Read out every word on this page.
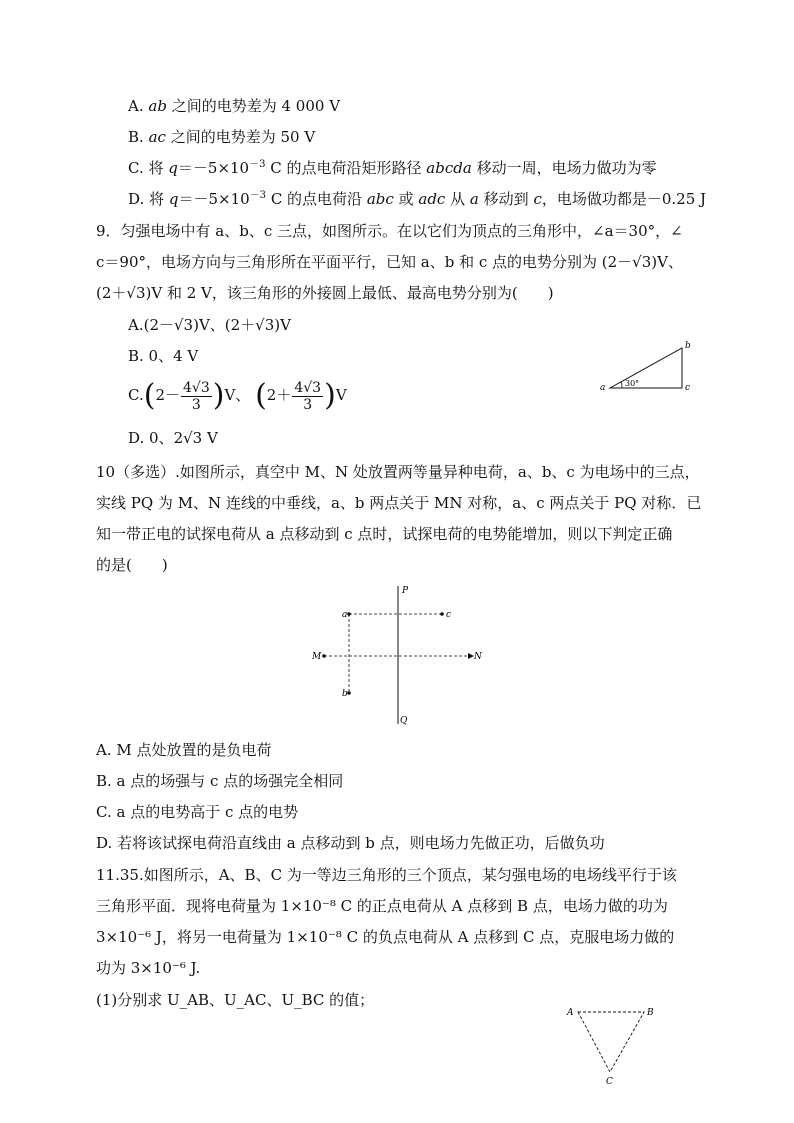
A. ab 之间的电势差为 4 000 V
B. ac 之间的电势差为 50 V
C. 将 $q=-5\times 10^{-3}$ C 的点电荷沿矩形路径 abcda 移动一周，电场力做功为零
D. 将 $q=-5\times 10^{-3}$ C 的点电荷沿 abc 或 adc 从 a 移动到 c，电场做功都是－0.25 J
9．匀强电场中有 a、b、c 三点，如图所示。在以它们为顶点的三角形中，∠a＝30°，∠
c＝90°，电场方向与三角形所在平面平行，已知 a、b 和 c 点的电势分别为 (2－√3)V、
(2＋√3)V 和 2 V，该三角形的外接圆上最低、最高电势分别为(　　)
A.(2－√3)V、(2＋√3)V
B. 0、4 V
$C.(2- \frac{4√3}{3} )V$、 $(2+ \frac{4√3}{3} )V$
D. 0、2√3 V
a
b
c
30°
10（多选）.如图所示，真空中 M、N 处放置两等量异种电荷，a、b、c 为电场中的三点，
实线 PQ 为 M、N 连线的中垂线，a、b 两点关于 MN 对称，a、c 两点关于 PQ 对称．已
知一带正电的试探电荷从 a 点移动到 c 点时，试探电荷的电势能增加，则以下判定正确
的是(　　)
P
Q
M	N
a	c
b
A. M 点处放置的是负电荷
B. a 点的场强与 c 点的场强完全相同
C. a 点的电势高于 c 点的电势
D. 若将该试探电荷沿直线由 a 点移动到 b 点，则电场力先做正功，后做负功
11.35.如图所示，A、B、C 为一等边三角形的三个顶点，某匀强电场的电场线平行于该
三角形平面．现将电荷量为 1×10⁻⁸ C 的正点电荷从 A 点移到 B 点，电场力做的功为
3×10⁻⁶ J，将另一电荷量为 1×10⁻⁸ C 的负点电荷从 A 点移到 C 点，克服电场力做的
功为 3×10⁻⁶ J.
(1)分别求 U_AB、U_AC、U_BC 的值；
A	B
C
